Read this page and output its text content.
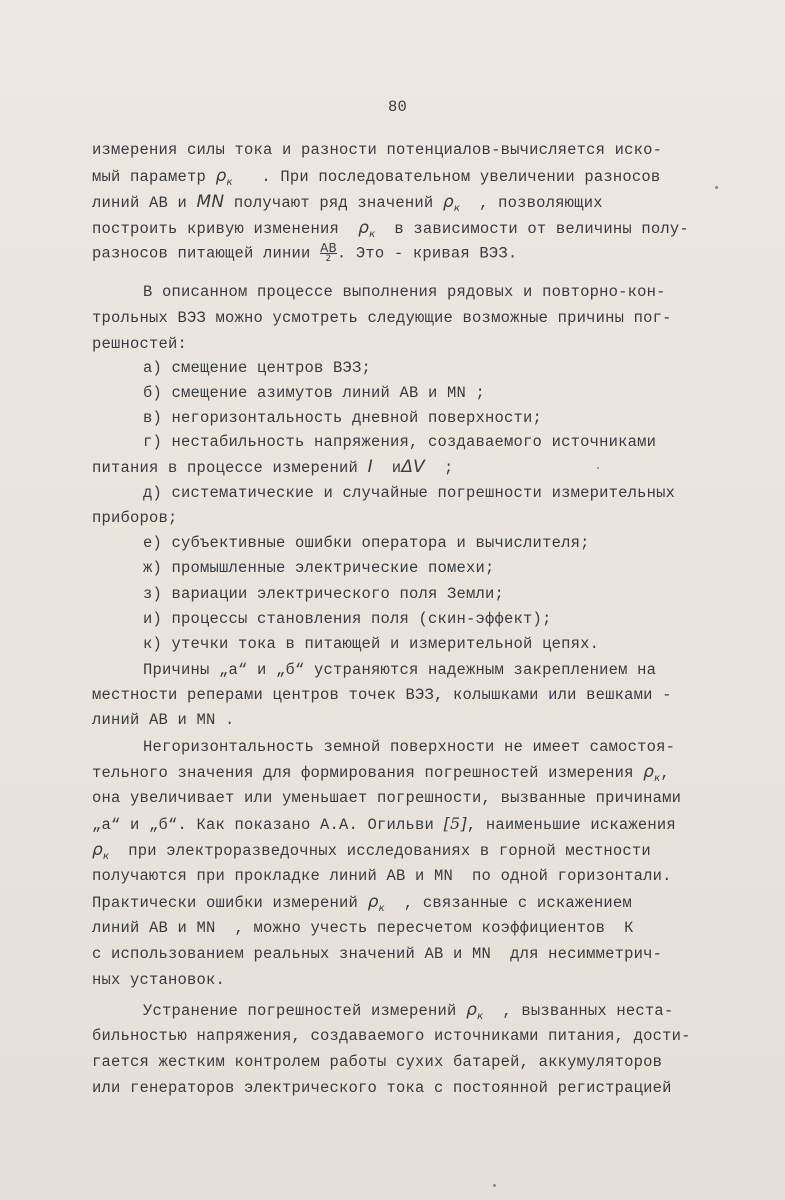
80
измерения силы тока и разности потенциалов-вычисляется иско-
мый параметр $\rho_к$ . При последовательном увеличении разносов
линий АВ и MN получают ряд значений $\rho_к$ , позволяющих
построить кривую изменения $\rho_к$ в зависимости от величины полу-
разносов питающей линии $\frac{AB}{2}$ . Это - кривая ВЭЗ.
В описанном процессе выполнения рядовых и повторно-кон-
трольных ВЭЗ можно усмотреть следующие возможные причины пог-
решностей:
а) смещение центров ВЭЗ;
б) смещение азимутов линий АВ и MN ;
в) негоризонтальность дневной поверхности;
г) нестабильность напряжения, создаваемого источниками
питания в процессе измерений I иΔV ;
д) систематические и случайные погрешности измерительных
приборов;
е) субъективные ошибки оператора и вычислителя;
ж) промышленные электрические помехи;
з) вариации электрического поля Земли;
и) процессы становления поля (скин-эффект);
к) утечки тока в питающей и измерительной цепях.
Причины „а“ и „б“ устраняются надежным закреплением на
местности реперами центров точек ВЭЗ, колышками или вешками -
линий АВ и MN .
Негоризонтальность земной поверхности не имеет самостоя-
тельного значения для формирования погрешностей измерения $\rho_к$,
она увеличивает или уменьшает погрешности, вызванные причинами
„а“ и „б“. Как показано А.А. Огильви [5], наименьшие искажения
$\rho_к$ при электроразведочных исследованиях в горной местности
получаются при прокладке линий АВ и MN  по одной горизонтали.
Практически ошибки измерений $\rho_к$ , связанные с искажением
линий АВ и MN  , можно учесть пересчетом коэффициентов  К
с использованием реальных значений АВ и MN  для несимметрич-
ных установок.
Устранение погрешностей измерений $\rho_к$ , вызванных неста-
бильностью напряжения, создаваемого источниками питания, дости-
гается жестким контролем работы сухих батарей, аккумуляторов
или генераторов электрического тока с постоянной регистрацией
